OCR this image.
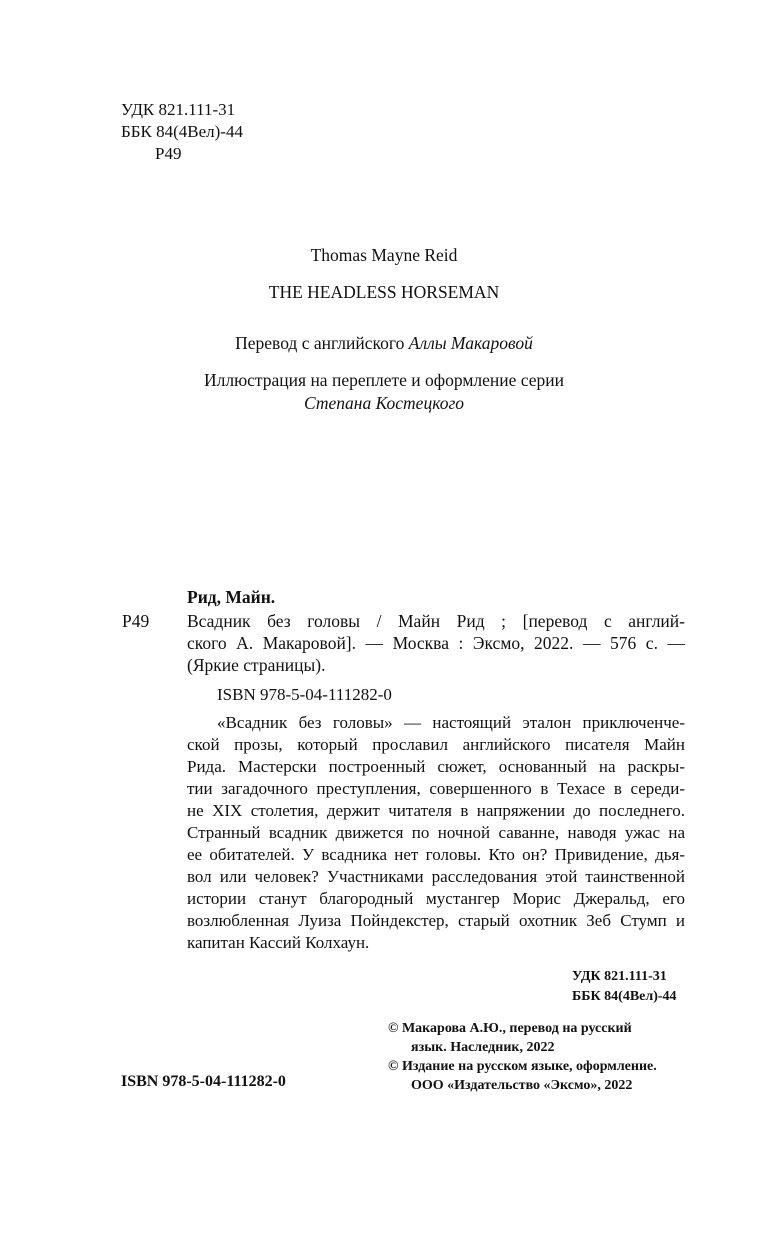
УДК 821.111-31
ББК 84(4Вел)-44
Р49
Thomas Mayne Reid
THE HEADLESS HORSEMAN
Перевод с английского Аллы Макаровой
Иллюстрация на переплете и оформление серии
Степана Костецкого
Рид, Майн.
Р49 Всадник без головы / Майн Рид ; [перевод с англий-
ского А. Макаровой]. — Москва : Эксмо, 2022. — 576 с. —
(Яркие страницы).
ISBN 978-5-04-111282-0
«Всадник без головы» — настоящий эталон приключенче-
ской прозы, который прославил английского писателя Майн
Рида. Мастерски построенный сюжет, основанный на раскры-
тии загадочного преступления, совершенного в Техасе в середи-
не XIX столетия, держит читателя в напряжении до последнего.
Странный всадник движется по ночной саванне, наводя ужас на
ее обитателей. У всадника нет головы. Кто он? Привидение, дья-
вол или человек? Участниками расследования этой таинственной
истории станут благородный мустангер Морис Джеральд, его
возлюбленная Луиза Пойндекстер, старый охотник Зеб Стумп и
капитан Кассий Колхаун.
УДК 821.111-31
ББК 84(4Вел)-44
© Макарова А.Ю., перевод на русский
язык. Наследник, 2022
© Издание на русском языке, оформление.
ООО «Издательство «Эксмо», 2022
ISBN 978-5-04-111282-0
